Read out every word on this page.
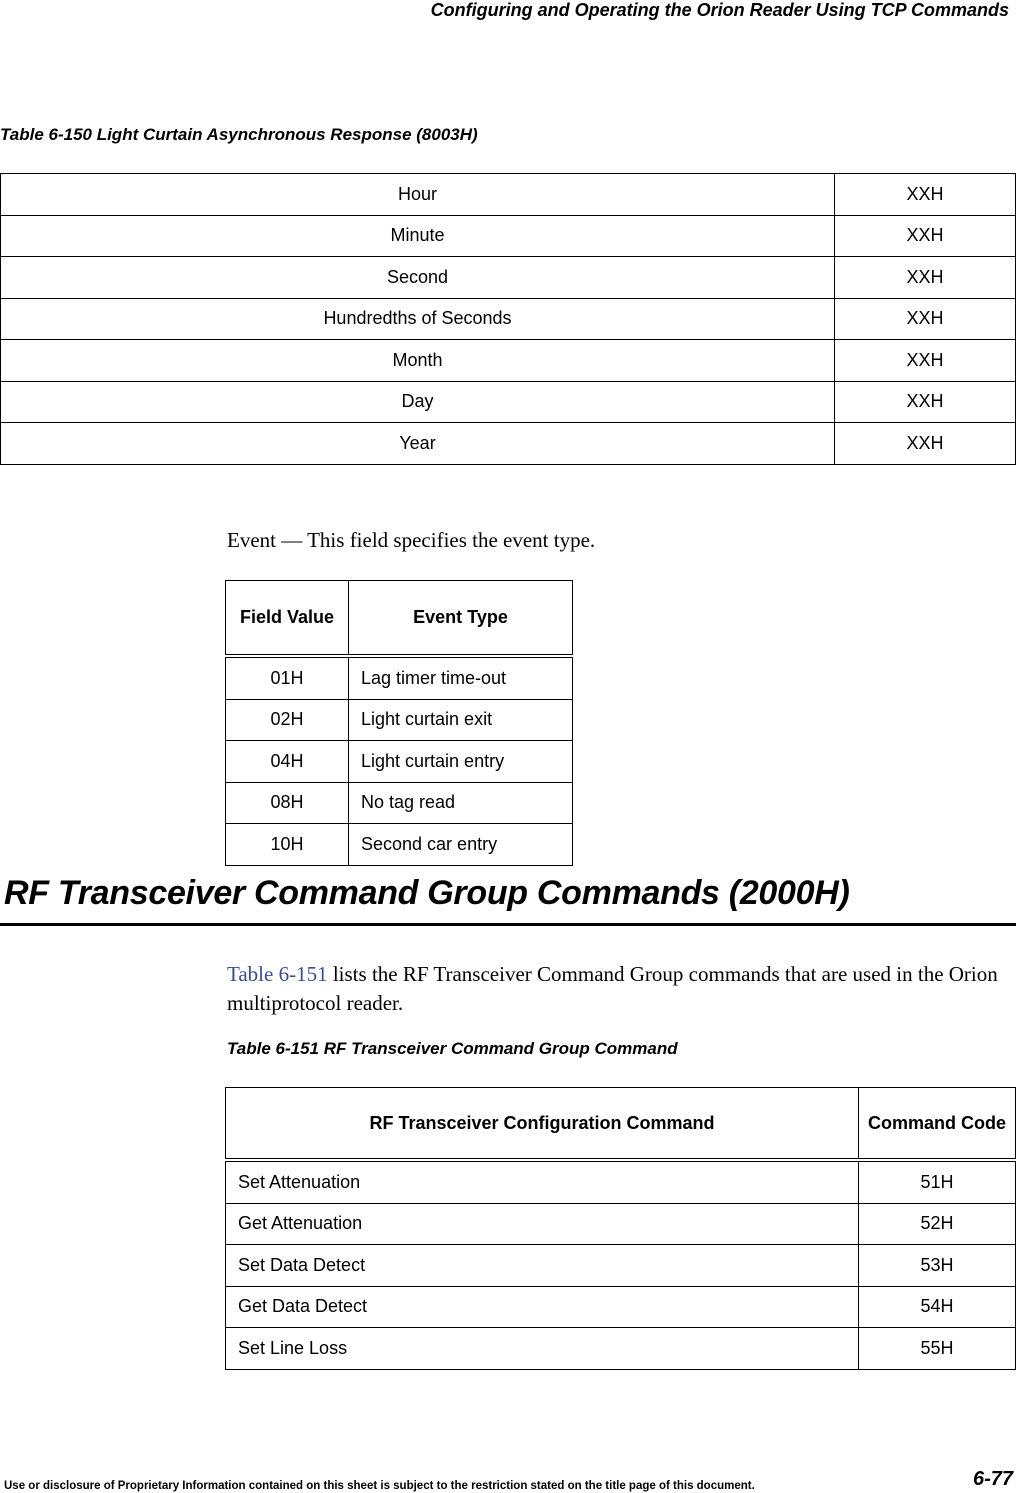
Configuring and Operating the Orion Reader Using TCP Commands
Table 6-150 Light Curtain Asynchronous Response (8003H)
Hour	XXH
Minute	XXH
Second	XXH
Hundredths of Seconds	XXH
Month	XXH
Day	XXH
Year	XXH
Event — This field specifies the event type.
Field Value	Event Type
01H	Lag timer time-out
02H	Light curtain exit
04H	Light curtain entry
08H	No tag read
10H	Second car entry
RF Transceiver Command Group Commands (2000H)
Table 6-151 lists the RF Transceiver Command Group commands that are used in the Orion multiprotocol reader.
Table 6-151 RF Transceiver Command Group Command
RF Transceiver Configuration Command	Command Code
Set Attenuation	51H
Get Attenuation	52H
Set Data Detect	53H
Get Data Detect	54H
Set Line Loss	55H
Use or disclosure of Proprietary Information contained on this sheet is subject to the restriction stated on the title page of this document.	6-77
